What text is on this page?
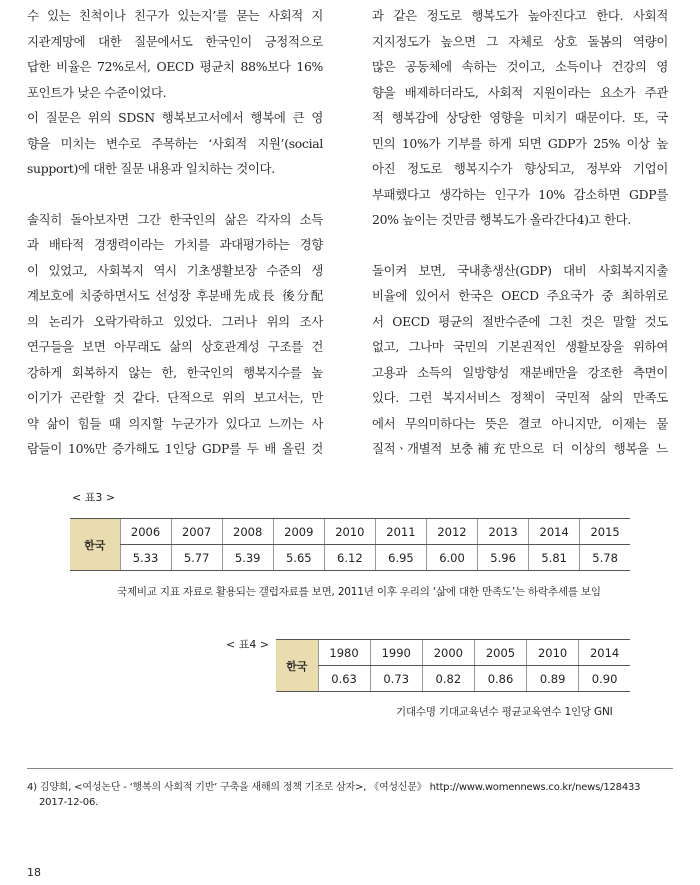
수 있는 친척이나 친구가 있는지’를 묻는 사회적 지

지관계망에 대한 질문에서도 한국인이 긍정적으로

답한 비율은 72%로서, OECD 평균치 88%보다 16%

포인트가 낮은 수준이었다.

이 질문은 위의 SDSN 행복보고서에서 행복에 큰 영

향을 미치는 변수로 주목하는 ‘사회적 지원’(social

support)에 대한 질문 내용과 일치하는 것이다.

솔직히 돌아보자면 그간 한국인의 삶은 각자의 소득

과 배타적 경쟁력이라는 가치를 과대평가하는 경향

이 있었고, 사회복지 역시 기초생활보장 수준의 생

계보호에 치중하면서도 선성장 후분배先成長 後分配

의 논리가 오락가락하고 있었다. 그러나 위의 조사

연구들을 보면 아무래도 삶의 상호관계성 구조를 건

강하게 회복하지 않는 한, 한국인의 행복지수를 높

이기가 곤란할 것 같다. 단적으로 위의 보고서는, 만

약 삶이 힘들 때 의지할 누군가가 있다고 느끼는 사

람들이 10%만 증가해도 1인당 GDP를 두 배 올린 것

과 같은 정도로 행복도가 높아진다고 한다. 사회적

지지정도가 높으면 그 자체로 상호 돌봄의 역량이

많은 공동체에 속하는 것이고, 소득이나 건강의 영

향을 배제하더라도, 사회적 지원이라는 요소가 주관

적 행복감에 상당한 영향을 미치기 때문이다. 또, 국

민의 10%가 기부를 하게 되면 GDP가 25% 이상 높

아진 정도로 행복지수가 향상되고, 정부와 기업이

부패했다고 생각하는 인구가 10% 감소하면 GDP를

20% 높이는 것만큼 행복도가 올라간다4)고 한다.

돌이켜 보면, 국내총생산(GDP) 대비 사회복지지출

비율에 있어서 한국은 OECD 주요국가 중 최하위로

서 OECD 평균의 절반수준에 그친 것은 말할 것도

없고, 그나마 국민의 기본권적인 생활보장을 위하여

고용과 소득의 일방향성 재분배만을 강조한 측면이

있다. 그런 복지서비스 정책이 국민적 삶의 만족도

에서 무의미하다는 뜻은 결코 아니지만, 이제는 물

질적ㆍ개별적 보충補充만으로 더 이상의 행복을 느

< 표3 >
한국	2006	2007	2008	2009	2010	2011	2012	2013	2014	2015
	5.33	5.77	5.39	5.65	6.12	6.95	6.00	5.96	5.81	5.78
국제비교 지표 자료로 활용되는 갤럽자료를 보면, 2011년 이후 우리의 ‘삶에 대한 만족도’는 하락추세를 보임
< 표4 >
한국	1980	1990	2000	2005	2010	2014
	0.63	0.73	0.82	0.86	0.89	0.90
기대수명 기대교육년수 평균교육연수 1인당 GNI
4) 김양희, <여성논단 - ‘행복의 사회적 기반’ 구축을 새해의 정책 기조로 삼자>, 《여성신문》 http://www.womennews.co.kr/news/128433
2017-12-06.
18
